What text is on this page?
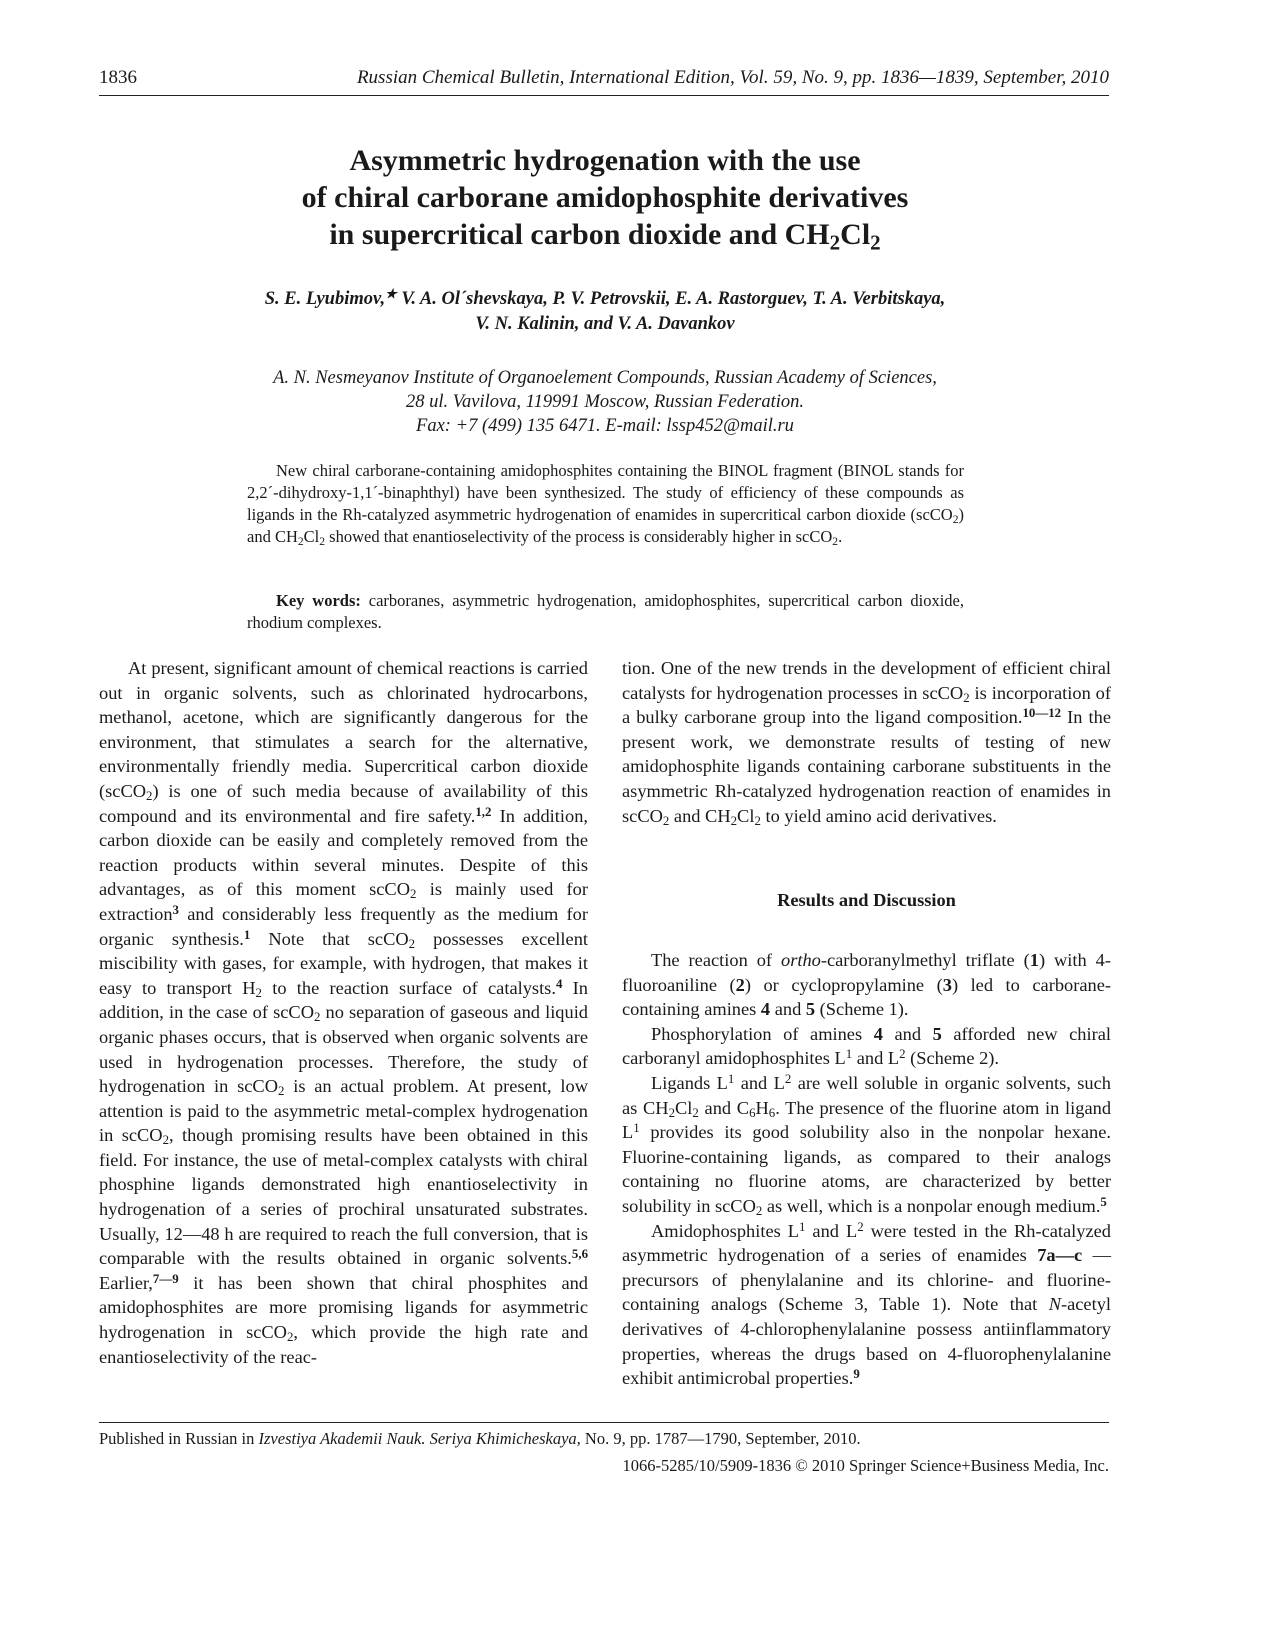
1836	Russian Chemical Bulletin, International Edition, Vol. 59, No. 9, pp. 1836—1839, September, 2010
Asymmetric hydrogenation with the use
of chiral carborane amidophosphite derivatives
in supercritical carbon dioxide and $CH_2Cl_2$
S. E. Lyubimov,★ V. A. Ol´shevskaya, P. V. Petrovskii, E. A. Rastorguev, T. A. Verbitskaya,
V. N. Kalinin, and V. A. Davankov
A. N. Nesmeyanov Institute of Organoelement Compounds, Russian Academy of Sciences,
28 ul. Vavilova, 119991 Moscow, Russian Federation.
Fax: +7 (499) 135 6471. E-mail: lssp452@mail.ru

New chiral carborane-containing amidophosphites containing the BINOL fragment (BINOL stands for 2,2´-dihydroxy-1,1´-binaphthyl) have been synthesized. The study of efficiency of these compounds as ligands in the Rh-catalyzed asymmetric hydrogenation of enamides in supercritical carbon dioxide (scCO$_2$) and $CH_2Cl_2$ showed that enantioselectivity of the process is considerably higher in scCO$_2$.

Key words: carboranes, asymmetric hydrogenation, amidophosphites, supercritical carbon dioxide, rhodium complexes.

At present, significant amount of chemical reactions is carried out in organic solvents, such as chlorinated hydrocarbons, methanol, acetone, which are significantly dangerous for the environment, that stimulates a search for the alternative, environmentally friendly media. Supercritical carbon dioxide (scCO$_2$) is one of such media because of availability of this compound and its environmental and fire safety.$^{1,2}$ In addition, carbon dioxide can be easily and completely removed from the reaction products within several minutes. Despite of this advantages, as of this moment scCO$_2$ is mainly used for extraction$^3$ and considerably less frequently as the medium for organic synthesis.$^1$ Note that scCO$_2$ possesses excellent miscibility with gases, for example, with hydrogen, that makes it easy to transport $H_2$ to the reaction surface of catalysts.$^4$ In addition, in the case of scCO$_2$ no separation of gaseous and liquid organic phases occurs, that is observed when organic solvents are used in hydrogenation processes. Therefore, the study of hydrogenation in scCO$_2$ is an actual problem. At present, low attention is paid to the asymmetric metal-complex hydrogenation in scCO$_2$, though promising results have been obtained in this field. For instance, the use of metal-complex catalysts with chiral phosphine ligands demonstrated high enantioselectivity in hydrogenation of a series of prochiral unsaturated substrates. Usually, 12—48 h are required to reach the full conversion, that is comparable with the results obtained in organic solvents.$^{5,6}$ Earlier,$^{7—9}$ it has been shown that chiral phosphites and amidophosphites are more promising ligands for asymmetric hydrogenation in scCO$_2$, which provide the high rate and enantioselectivity of the reac-

tion. One of the new trends in the development of efficient chiral catalysts for hydrogenation processes in scCO$_2$ is incorporation of a bulky carborane group into the ligand composition.$^{10—12}$ In the present work, we demonstrate results of testing of new amidophosphite ligands containing carborane substituents in the asymmetric Rh-catalyzed hydrogenation reaction of enamides in scCO$_2$ and $CH_2Cl_2$ to yield amino acid derivatives.

Results and Discussion

The reaction of ortho-carboranylmethyl triflate (1) with 4-fluoroaniline (2) or cyclopropylamine (3) led to carborane-containing amines 4 and 5 (Scheme 1).

Phosphorylation of amines 4 and 5 afforded new chiral carboranyl amidophosphites $L^1$ and $L^2$ (Scheme 2).

Ligands $L^1$ and $L^2$ are well soluble in organic solvents, such as $CH_2Cl_2$ and $C_6H_6$. The presence of the fluorine atom in ligand $L^1$ provides its good solubility also in the nonpolar hexane. Fluorine-containing ligands, as compared to their analogs containing no fluorine atoms, are characterized by better solubility in scCO$_2$ as well, which is a nonpolar enough medium.$^5$

Amidophosphites $L^1$ and $L^2$ were tested in the Rh-catalyzed asymmetric hydrogenation of a series of enamides 7a—c — precursors of phenylalanine and its chlorine- and fluorine-containing analogs (Scheme 3, Table 1). Note that N-acetyl derivatives of 4-chlorophenylalanine possess antiinflammatory properties, whereas the drugs based on 4-fluorophenylalanine exhibit antimicrobal properties.$^9$

Published in Russian in Izvestiya Akademii Nauk. Seriya Khimicheskaya, No. 9, pp. 1787—1790, September, 2010.
1066-5285/10/5909-1836 © 2010 Springer Science+Business Media, Inc.
